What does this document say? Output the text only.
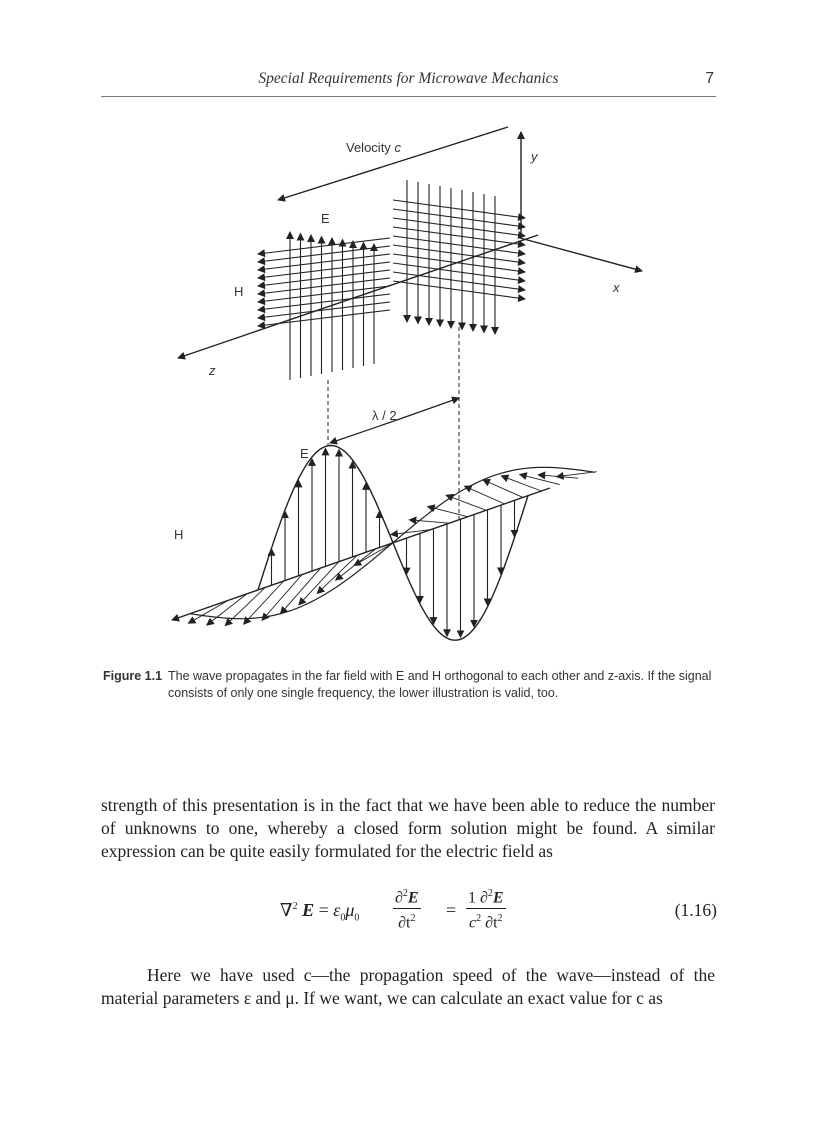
Special Requirements for Microwave Mechanics	7
Velocity c
y
x
z
E
H
λ / 2
E
H
Figure 1.1 The wave propagates in the far field with E and H orthogonal to each other and z-axis. If the signal consists of only one single frequency, the lower illustration is valid, too.

strength of this presentation is in the fact that we have been able to reduce the number of unknowns to one, whereby a closed form solution might be found. A similar expression can be quite easily formulated for the electric field as

∇$^2$ $E = \varepsilon_0\mu_0 \frac{\partial^2E}{\partial t^2} = \frac{1 \partial^2E}{c^2 \partial t^2}$	(1.16)

Here we have used c—the propagation speed of the wave—instead of the material parameters ε and μ. If we want, we can calculate an exact value for c as
